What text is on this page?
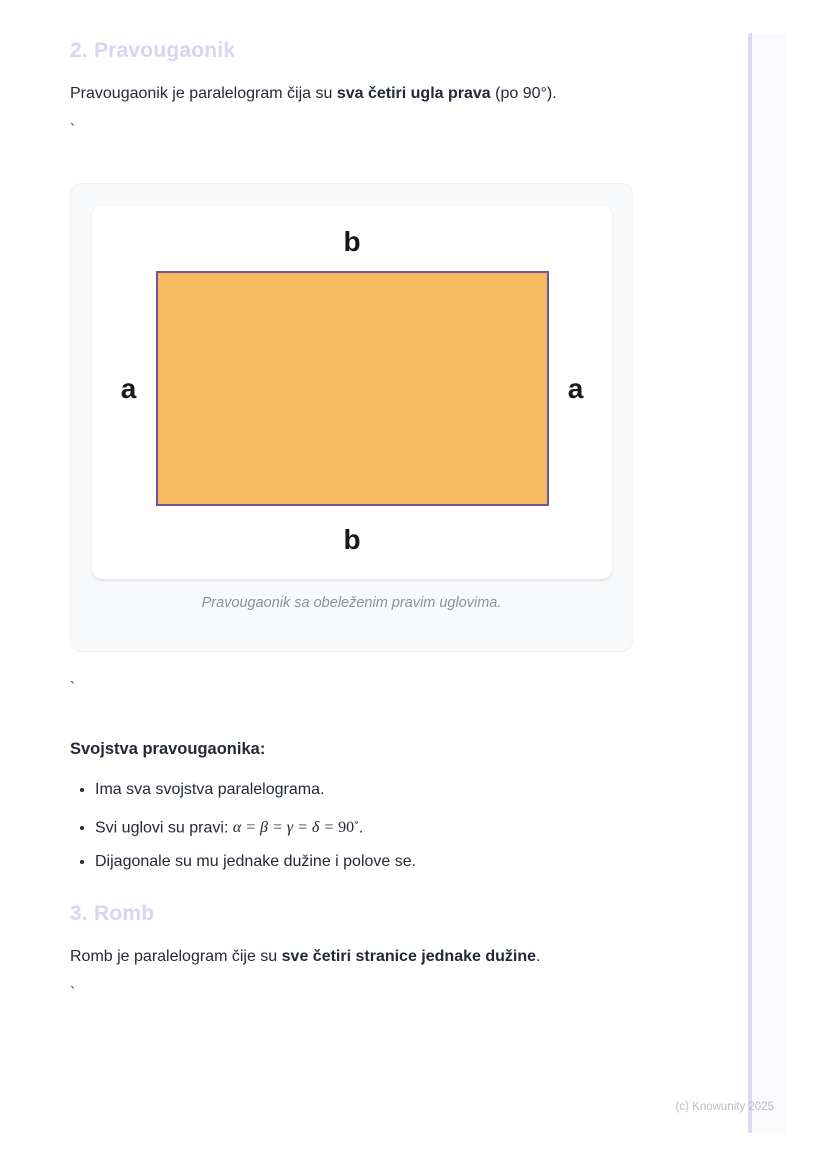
2. Pravougaonik

Pravougaonik je paralelogram čija su sva četiri ugla prava (po 90°).

`
b
a	a
b
Pravougaonik sa obeleženim pravim uglovima.
`
Svojstva pravougaonika:
• Ima sva svojstva paralelograma.
• Svi uglovi su pravi: α = β = γ = δ = 90∘.
• Dijagonale su mu jednake dužine i polove se.
3. Romb

Romb je paralelogram čije su sve četiri stranice jednake dužine.

`
(c) Knowunity 2025
